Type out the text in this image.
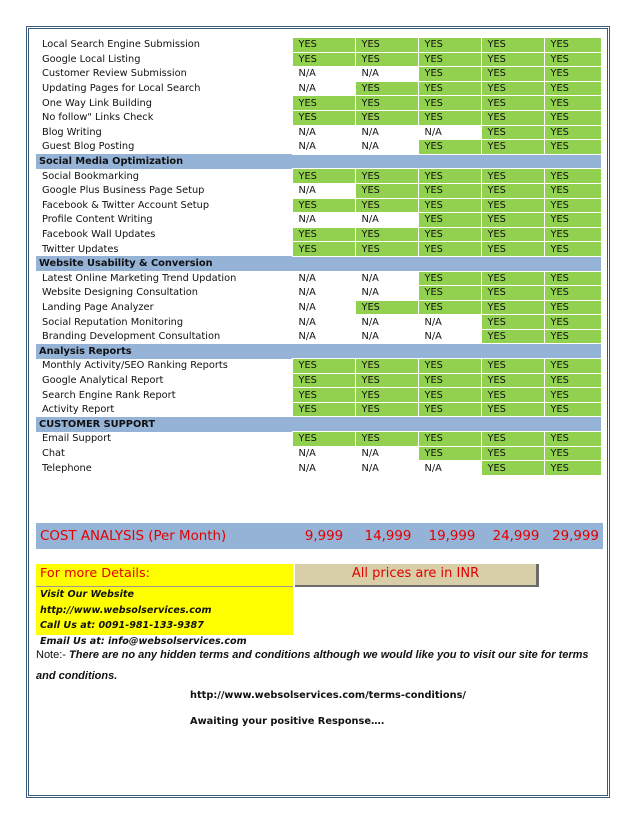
Local Search Engine Submission	YES	YES	YES	YES	YES
Google Local Listing	YES	YES	YES	YES	YES
Customer Review Submission	N/A	N/A	YES	YES	YES
Updating Pages for Local Search	N/A	YES	YES	YES	YES
One Way Link Building	YES	YES	YES	YES	YES
No follow" Links Check	YES	YES	YES	YES	YES
Blog Writing	N/A	N/A	N/A	YES	YES
Guest Blog Posting	N/A	N/A	YES	YES	YES
Social Media Optimization					
Social Bookmarking	YES	YES	YES	YES	YES
Google Plus Business Page Setup	N/A	YES	YES	YES	YES
Facebook & Twitter Account Setup	YES	YES	YES	YES	YES
Profile Content Writing	N/A	N/A	YES	YES	YES
Facebook Wall Updates	YES	YES	YES	YES	YES
Twitter Updates	YES	YES	YES	YES	YES
Website Usability & Conversion					
Latest Online Marketing Trend Updation	N/A	N/A	YES	YES	YES
Website Designing Consultation	N/A	N/A	YES	YES	YES
Landing Page Analyzer	N/A	YES	YES	YES	YES
Social Reputation Monitoring	N/A	N/A	N/A	YES	YES
Branding Development Consultation	N/A	N/A	N/A	YES	YES
Analysis Reports					
Monthly Activity/SEO Ranking Reports	YES	YES	YES	YES	YES
Google Analytical Report	YES	YES	YES	YES	YES
Search Engine Rank Report	YES	YES	YES	YES	YES
Activity Report	YES	YES	YES	YES	YES
CUSTOMER SUPPORT					
Email Support	YES	YES	YES	YES	YES
Chat	N/A	N/A	YES	YES	YES
Telephone	N/A	N/A	N/A	YES	YES
COST ANALYSIS (Per Month)	9,999	14,999	19,999	24,999 29,999
For more Details:
Visit Our Website http://www.websolservices.com
Call Us at: 0091-981-133-9387
Email Us at: info@websolservices.com
All prices are in INR
Note:- There are no any hidden terms and conditions although we would like you to visit our site for terms and conditions.
http://www.websolservices.com/terms-conditions/
Awaiting your positive Response….
